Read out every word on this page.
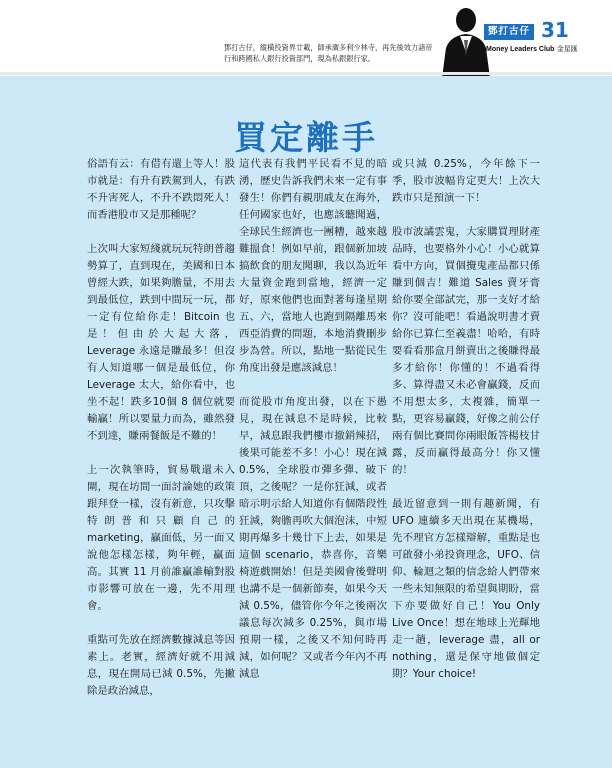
鄧打古仔，縱橫投資界廿載，師承廣多利少林寺，再先後效力諸帝行和跨國私人銀行投資部門，現為私銀銀行家。
鄧打古仔 31
Money Leaders Club 金星匯
買定離手

俗語有云：有借有還上等人！股市就是：有升有跌駕到人，有跌不升害死人，不升不跌悶死人！而香港股市又是那種呢？

上次叫大家短綫就玩玩特朗普趨勢算了，直到現在，美國和日本曾經大跌，如果夠膽量，不用去到最低位，跌到中間玩一玩，都一定有位給你走！Bitcoin 也是！但由於大起大落，Leverage 永遠是賺最多！但沒有人知道哪一個是最低位，你 Leverage 太大，給你看中，也坐不起！跌多10個 8 個位就要輸贏！所以要量力而為，雖然發不到達，賺兩餐飯是不難的！

上一次執筆時，貿易戰還未入閘，現在坊間一面討論她的政策跟拜登一樣，沒有新意，只攻擊特朗普和只顧自己的 marketing，贏面低，另一面又說他怎樣怎樣，夠年輕，贏面高。其實 11 月前誰贏誰輸對股市影響可放在一邊，先不用理會。

重點可先放在經濟數據減息等因素上。老實，經濟好就不用減息，現在開局已減 0.5%，先撇除是政治減息，

這代表有我們平民看不見的暗湧，歷史告訴我們未來一定有事發生！你們有親朋戚友在海外，任何國家也好，也應該聽聞過，全球民生經濟也一團糟，越來越難搵食！例如早前，跟個新加坡搞飲食的朋友聞聊，我以為近年大量資金跑到當地，經濟一定好，原來他們也面對著每逢星期五、六，當地人也跑到隔離馬來西亞消費的問題，本地消費刪步步為營。所以，點地一點從民生角度出發是應該減息！

而從股市角度出發，以在下愚見，現在減息不是時候，比較早，減息跟我們樓市撤銷辣招，後果可能差不多！小心！現在減 0.5%，全球股市彈多彈、破下頂，之後呢？一是你狂減，或者暗示明示給人知道你有個階段性狂減，夠膽再吹大個泡沫，中短期再爆多十幾廿下上去，如果是這個 scenario，恭喜你，音樂椅遊戲開始！但是美國會後聲明也講不是一個新節奏，如果今天減 0.5%，儘管你今年之後兩次議息每次減多 0.25%，與市場預期一樣，之後又不知何時再減，如何呢？又或者今年內不再減息

或只減 0.25%，今年餘下一季，股市波幅肯定更大！上次大跌市只是預演一下！

股市波譎雲鬼，大家購買理財產品時，也要格外小心！小心就算看中方向，買個攪鬼產品都只係賺到個吉！難道 Sales 賣牙膏給你要全部試完，那一支好才給你？沒可能吧！看過說明書才賣給你已算仁至義盡！哈哈，有時要看看那盒月餅賣出之後賺得最多才給你！你懂的！不過看得多、算得盡又未必會贏錢，反而不用想太多，太複雜，簡單一點，更容易贏錢，好像之前公仔兩有個比賽問你兩眼飯答楊枝甘露，反而贏得最高分！你又懂的！

最近留意到一則有趣新聞，有 UFO 連續多天出現在某機場，先不理官方怎樣辯解，重點是也可啟發小弟投資理念，UFO、信仰、輪迴之類的信念給人們帶來一些未知無限的希望與期盼，當下亦要做好自己！You Only Live Once！想在地球上光輝地走一趟，leverage 盡，all or nothing，還是保守地做個定期？Your choice!
